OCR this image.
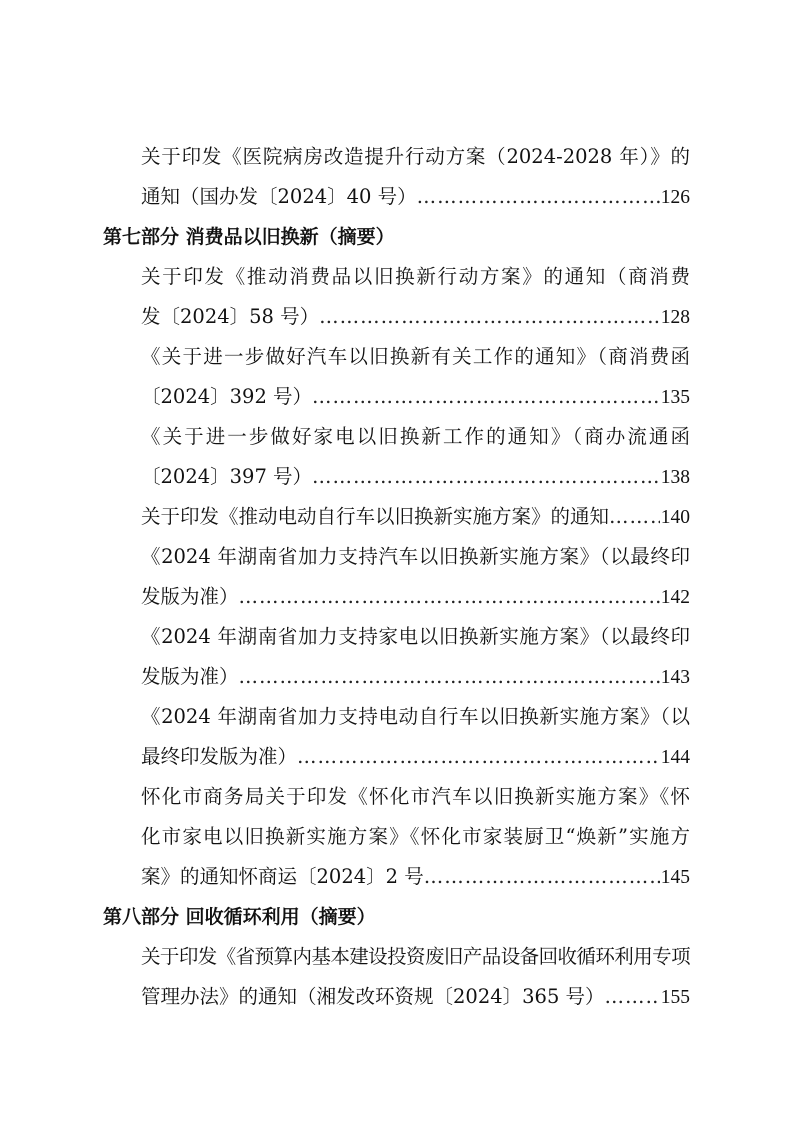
关于印发《医院病房改造提升行动方案（2024-2028 年）》的
通知（国办发〔2024〕40 号） …………………………………………………………………………………………………………………………………………	126
第七部分 消费品以旧换新（摘要）
关于印发《推动消费品以旧换新行动方案》的通知（商消费
发〔2024〕58 号） …………………………………………………………………………………………………………………………………………	128
《关于进一步做好汽车以旧换新有关工作的通知》（商消费函
〔2024〕392 号） …………………………………………………………………………………………………………………………………………	135
《关于进一步做好家电以旧换新工作的通知》（商办流通函
〔2024〕397 号） …………………………………………………………………………………………………………………………………………	138
关于印发《推动电动自行车以旧换新实施方案》的通知 …………………………………………………………………………………………………………………………………………	140
《2024 年湖南省加力支持汽车以旧换新实施方案》（以最终印
发版为准） …………………………………………………………………………………………………………………………………………	142
《2024 年湖南省加力支持家电以旧换新实施方案》（以最终印
发版为准） …………………………………………………………………………………………………………………………………………	143
《2024 年湖南省加力支持电动自行车以旧换新实施方案》（以
最终印发版为准） …………………………………………………………………………………………………………………………………………	144
怀化市商务局关于印发《怀化市汽车以旧换新实施方案》《怀
化市家电以旧换新实施方案》《怀化市家装厨卫“焕新”实施方
案》的通知怀商运〔2024〕2 号 …………………………………………………………………………………………………………………………………………	145
第八部分 回收循环利用（摘要）
关于印发《省预算内基本建设投资废旧产品设备回收循环利用专项
管理办法》的通知（湘发改环资规〔2024〕365 号） …………………………………………………………………………………………………………………………………………	155
